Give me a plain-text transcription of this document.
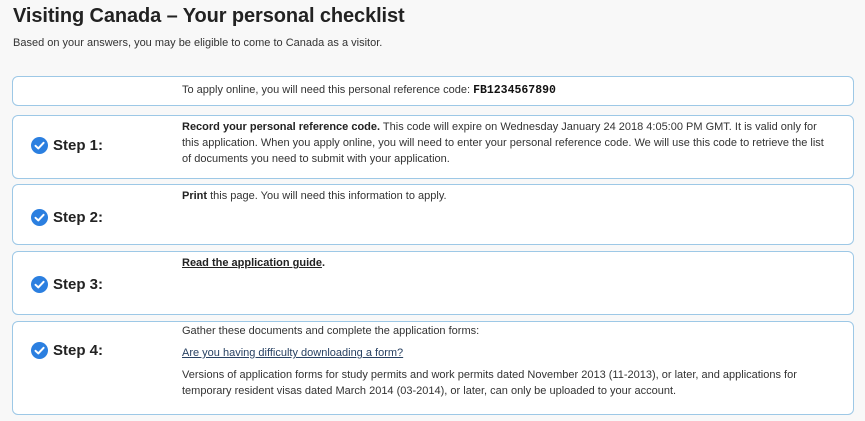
Visiting Canada – Your personal checklist

Based on your answers, you may be eligible to come to Canada as a visitor.

To apply online, you will need this personal reference code: FB1234567890
Step 1:
Record your personal reference code. This code will expire on Wednesday January 24 2018 4:05:00 PM GMT. It is valid only for this application. When you apply online, you will need to enter your personal reference code. We will use this code to retrieve the list of documents you need to submit with your application.
Step 2:
Print this page. You will need this information to apply.
Step 3:
Read the application guide.
Step 4:
Gather these documents and complete the application forms:
Are you having difficulty downloading a form?
Versions of application forms for study permits and work permits dated November 2013 (11-2013), or later, and applications for temporary resident visas dated March 2014 (03-2014), or later, can only be uploaded to your account.
